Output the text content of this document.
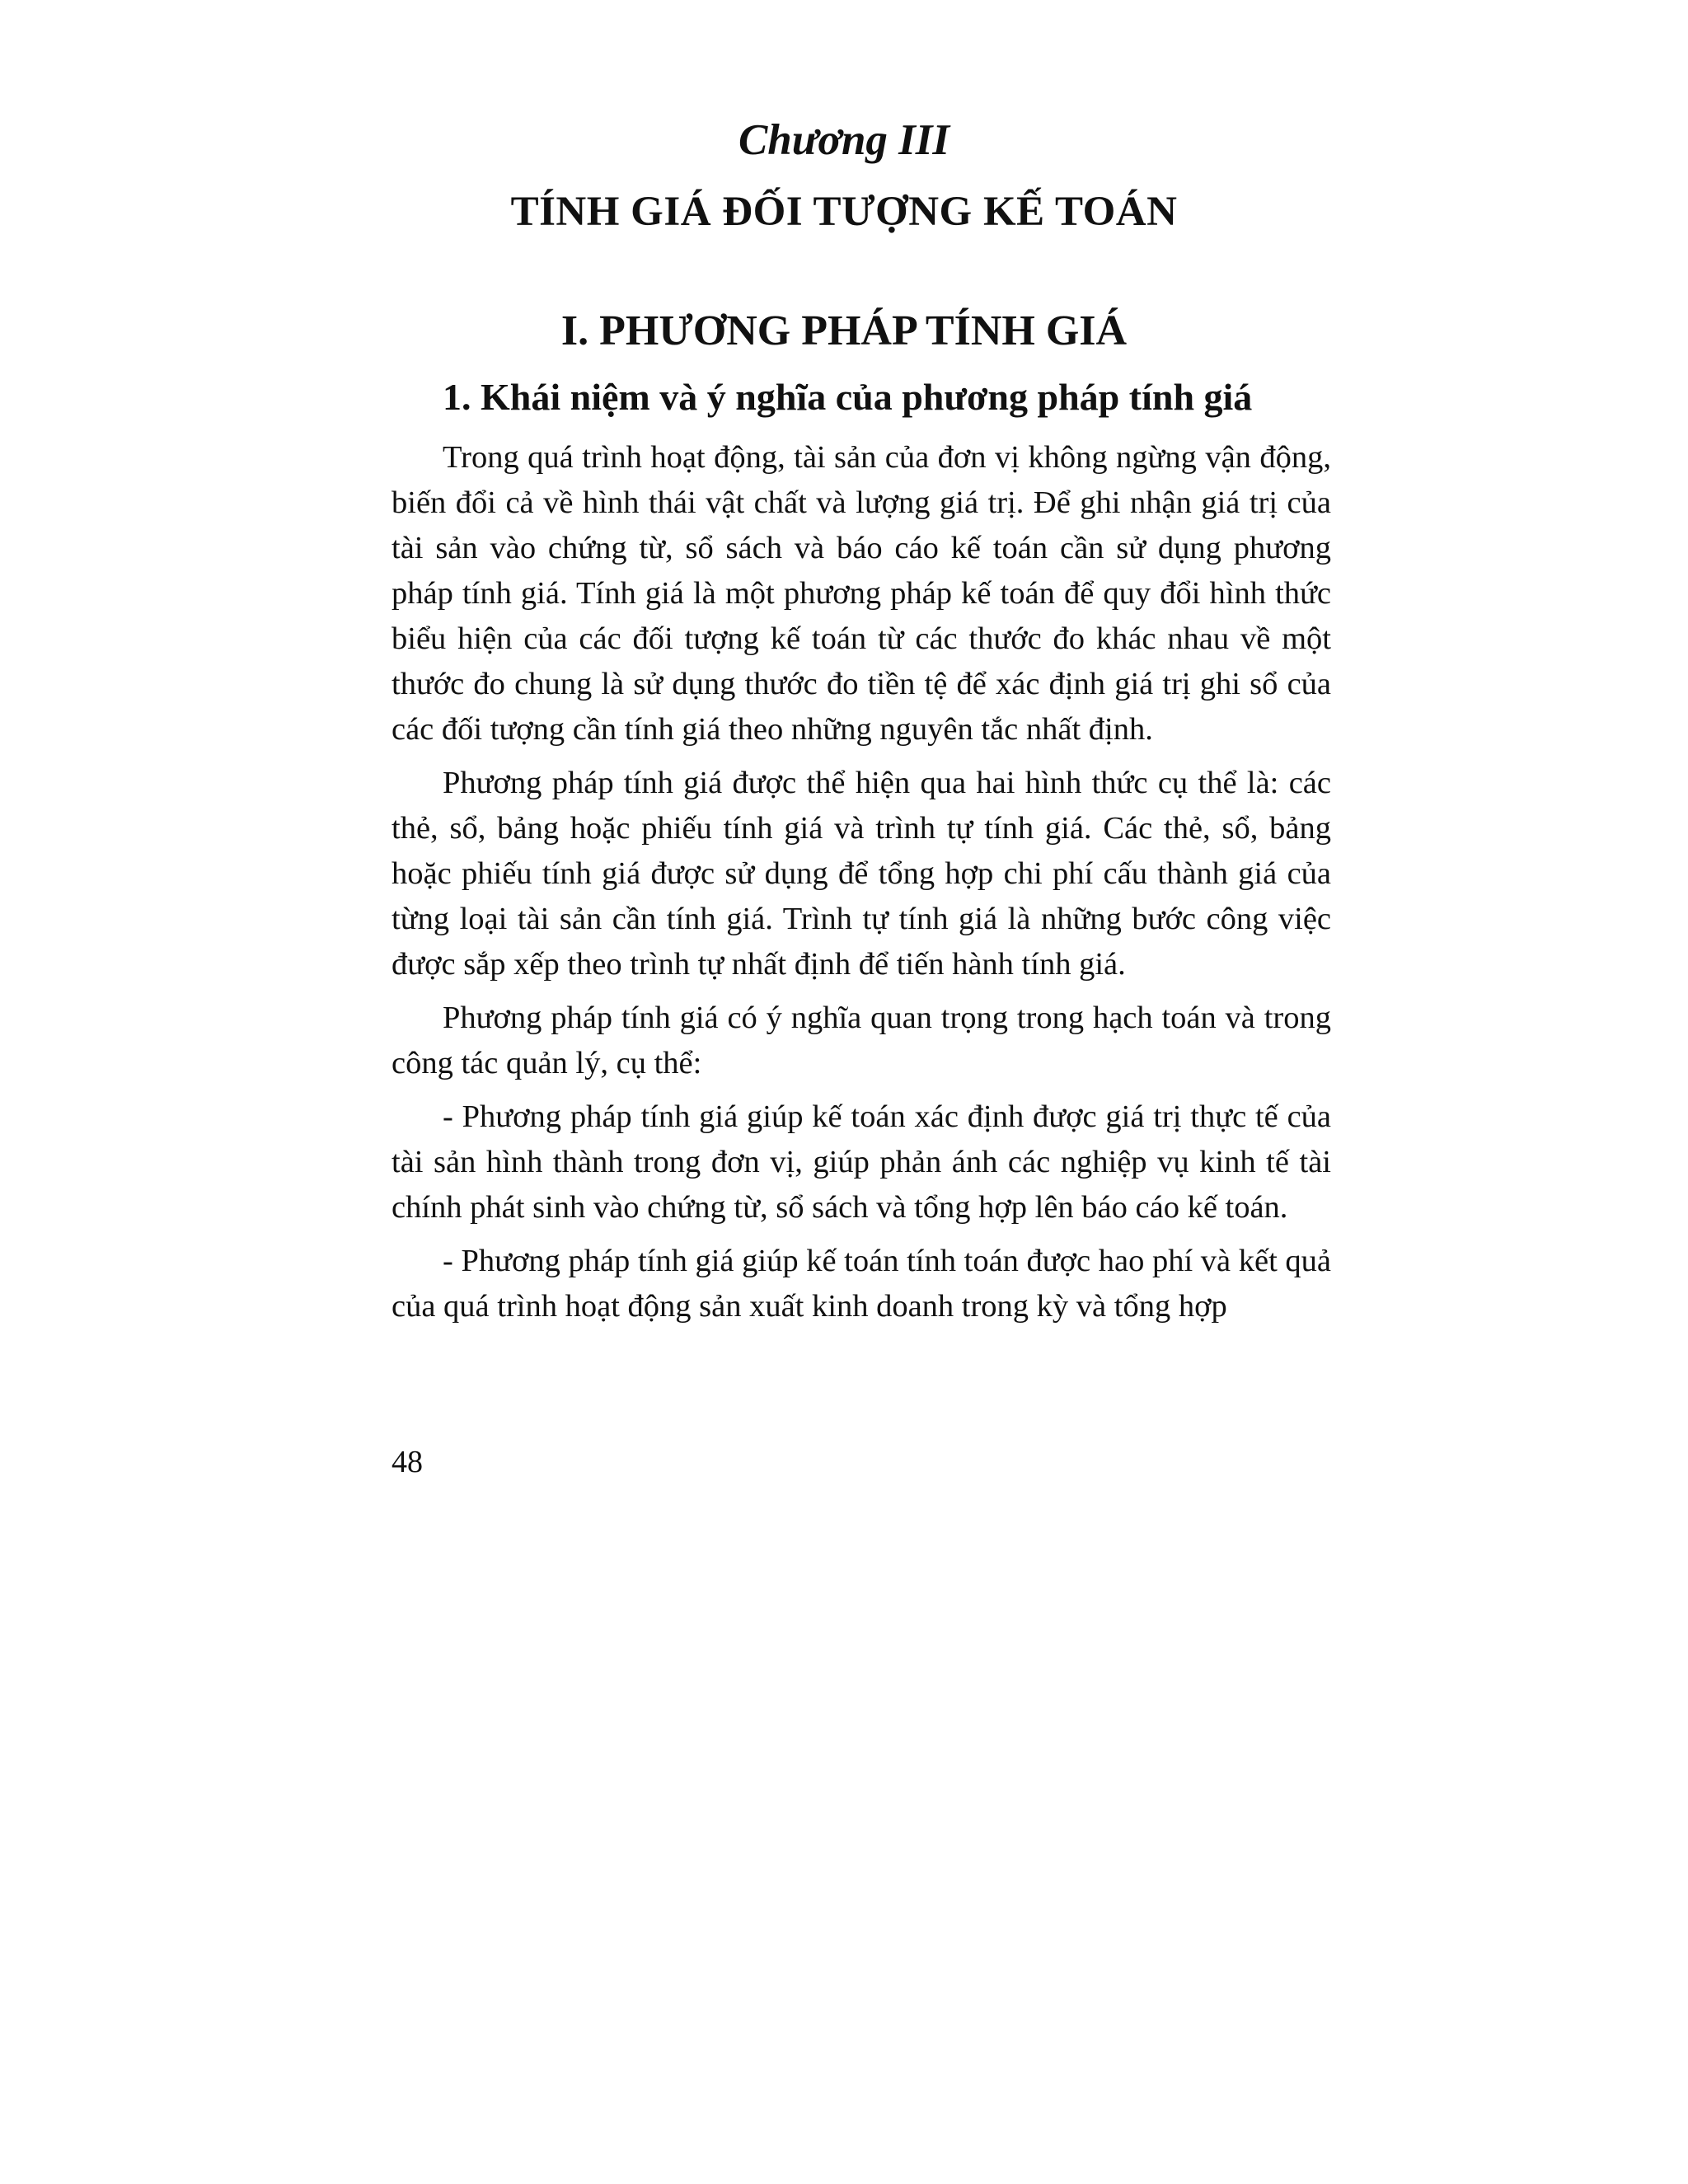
Chương III
TÍNH GIÁ ĐỐI TƯỢNG KẾ TOÁN
I. PHƯƠNG PHÁP TÍNH GIÁ
1. Khái niệm và ý nghĩa của phương pháp tính giá

Trong quá trình hoạt động, tài sản của đơn vị không ngừng vận động, biến đổi cả về hình thái vật chất và lượng giá trị. Để ghi nhận giá trị của tài sản vào chứng từ, sổ sách và báo cáo kế toán cần sử dụng phương pháp tính giá. Tính giá là một phương pháp kế toán để quy đổi hình thức biểu hiện của các đối tượng kế toán từ các thước đo khác nhau về một thước đo chung là sử dụng thước đo tiền tệ để xác định giá trị ghi sổ của các đối tượng cần tính giá theo những nguyên tắc nhất định.

Phương pháp tính giá được thể hiện qua hai hình thức cụ thể là: các thẻ, sổ, bảng hoặc phiếu tính giá và trình tự tính giá. Các thẻ, sổ, bảng hoặc phiếu tính giá được sử dụng để tổng hợp chi phí cấu thành giá của từng loại tài sản cần tính giá. Trình tự tính giá là những bước công việc được sắp xếp theo trình tự nhất định để tiến hành tính giá.

Phương pháp tính giá có ý nghĩa quan trọng trong hạch toán và trong công tác quản lý, cụ thể:

- Phương pháp tính giá giúp kế toán xác định được giá trị thực tế của tài sản hình thành trong đơn vị, giúp phản ánh các nghiệp vụ kinh tế tài chính phát sinh vào chứng từ, sổ sách và tổng hợp lên báo cáo kế toán.

- Phương pháp tính giá giúp kế toán tính toán được hao phí và kết quả của quá trình hoạt động sản xuất kinh doanh trong kỳ và tổng hợp

48
